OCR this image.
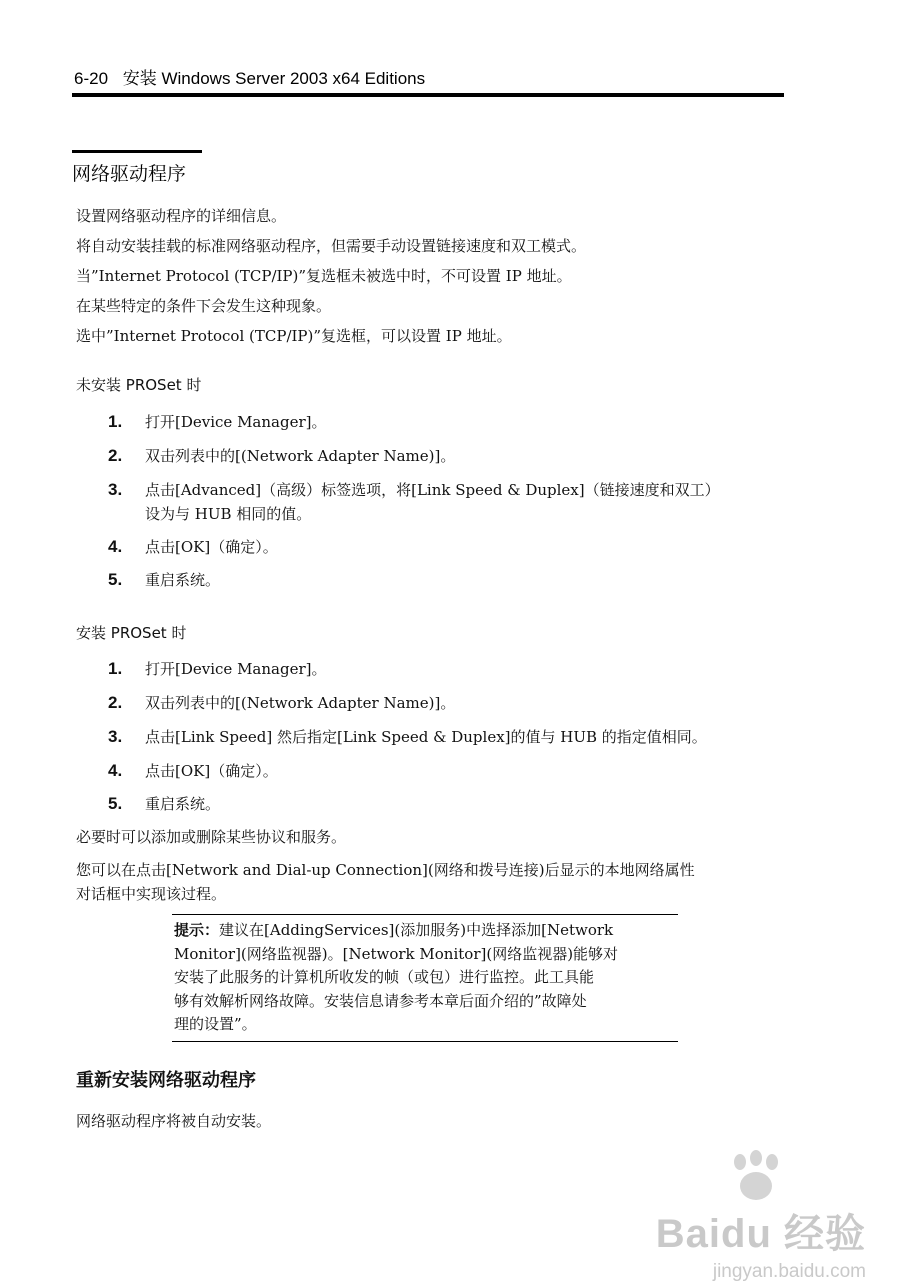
6-20 安装 Windows Server 2003 x64 Editions
网络驱动程序
设置网络驱动程序的详细信息。
将自动安装挂载的标准网络驱动程序，但需要手动设置链接速度和双工模式。
当”Internet Protocol (TCP/IP)”复选框未被选中时，不可设置 IP 地址。
在某些特定的条件下会发生这种现象。
选中”Internet Protocol (TCP/IP)”复选框，可以设置 IP 地址。
未安装 PROSet 时
1.	打开[Device Manager]。
2.	双击列表中的[(Network Adapter Name)]。
3.	点击[Advanced]（高级）标签选项，将[Link Speed & Duplex]（链接速度和双工）
设为与 HUB 相同的值。
4.	点击[OK]（确定）。
5.	重启系统。
安装 PROSet 时
1.	打开[Device Manager]。
2.	双击列表中的[(Network Adapter Name)]。
3.	点击[Link Speed] 然后指定[Link Speed & Duplex]的值与 HUB 的指定值相同。
4.	点击[OK]（确定）。
5.	重启系统。
必要时可以添加或删除某些协议和服务。
您可以在点击[Network and Dial-up Connection](网络和拨号连接)后显示的本地网络属性
对话框中实现该过程。
提示：建议在[AddingServices](添加服务)中选择添加[Network
Monitor](网络监视器)。[Network Monitor](网络监视器)能够对
安装了此服务的计算机所收发的帧（或包）进行监控。此工具能
够有效解析网络故障。安装信息请参考本章后面介绍的”故障处
理的设置”。
重新安装网络驱动程序
网络驱动程序将被自动安装。
Baidu 经验
jingyan.baidu.com
